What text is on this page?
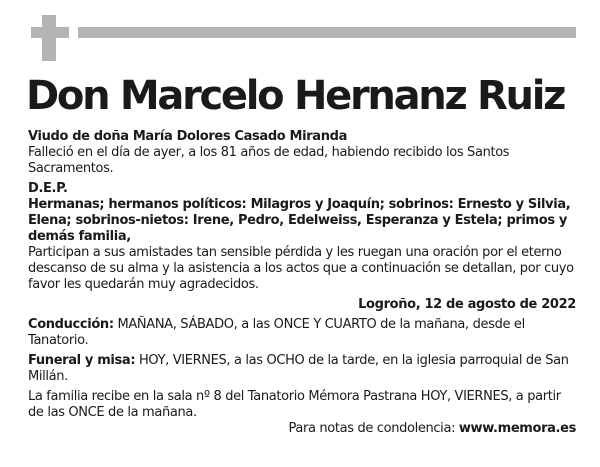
Don Marcelo Hernanz Ruiz

Viudo de doña María Dolores Casado Miranda

Falleció en el día de ayer, a los 81 años de edad, habiendo recibido los Santos Sacramentos.

D.E.P.

Hermanas; hermanos políticos: Milagros y Joaquín; sobrinos: Ernesto y Silvia, Elena; sobrinos-nietos: Irene, Pedro, Edelweiss, Esperanza y Estela; primos y demás familia,

Participan a sus amistades tan sensible pérdida y les ruegan una oración por el eterno descanso de su alma y la asistencia a los actos que a continuación se detallan, por cuyo favor les quedarán muy agradecidos.

Logroño, 12 de agosto de 2022

Conducción: MAÑANA, SÁBADO, a las ONCE Y CUARTO de la mañana, desde el Tanatorio.

Funeral y misa: HOY, VIERNES, a las OCHO de la tarde, en la iglesia parroquial de San Millán.

La familia recibe en la sala nº 8 del Tanatorio Mémora Pastrana HOY, VIERNES, a partir de las ONCE de la mañana.

Para notas de condolencia: www.memora.es
